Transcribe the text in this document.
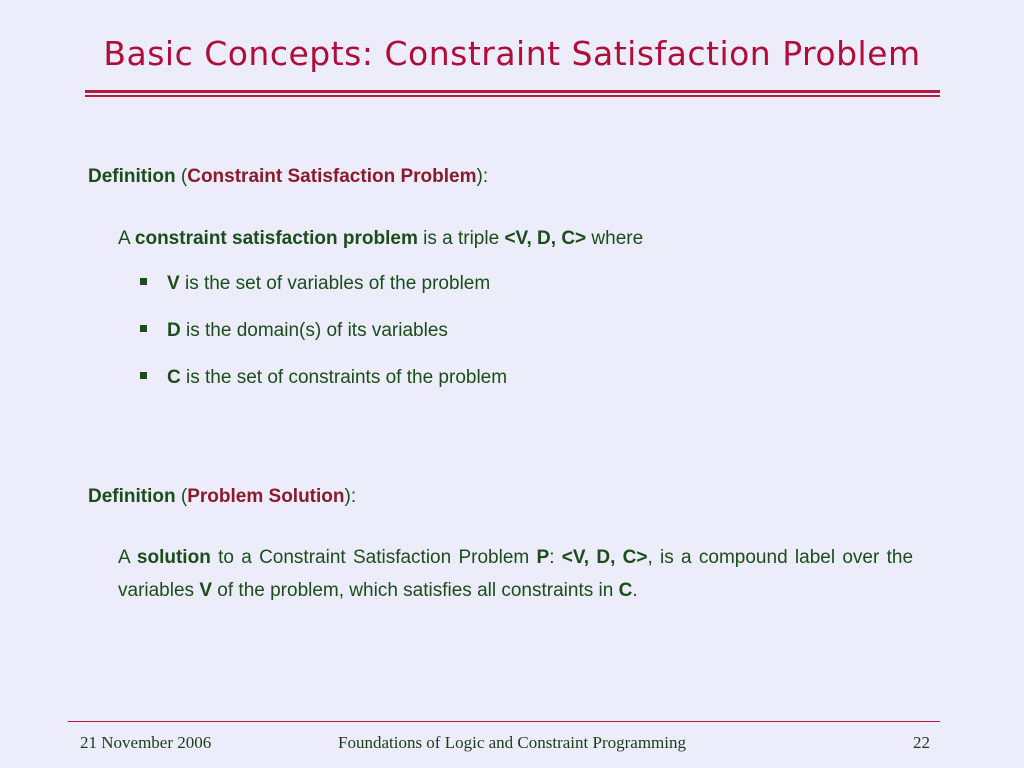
Basic Concepts: Constraint Satisfaction Problem
Definition (Constraint Satisfaction Problem):
A constraint satisfaction problem is a triple <V, D, C> where
V is the set of variables of the problem
D is the domain(s) of its variables
C is the set of constraints of the problem
Definition (Problem Solution):
A solution to a Constraint Satisfaction Problem P: <V, D, C>, is a compound label over the variables V of the problem, which satisfies all constraints in C.
21 November 2006	Foundations of Logic and Constraint Programming	22
